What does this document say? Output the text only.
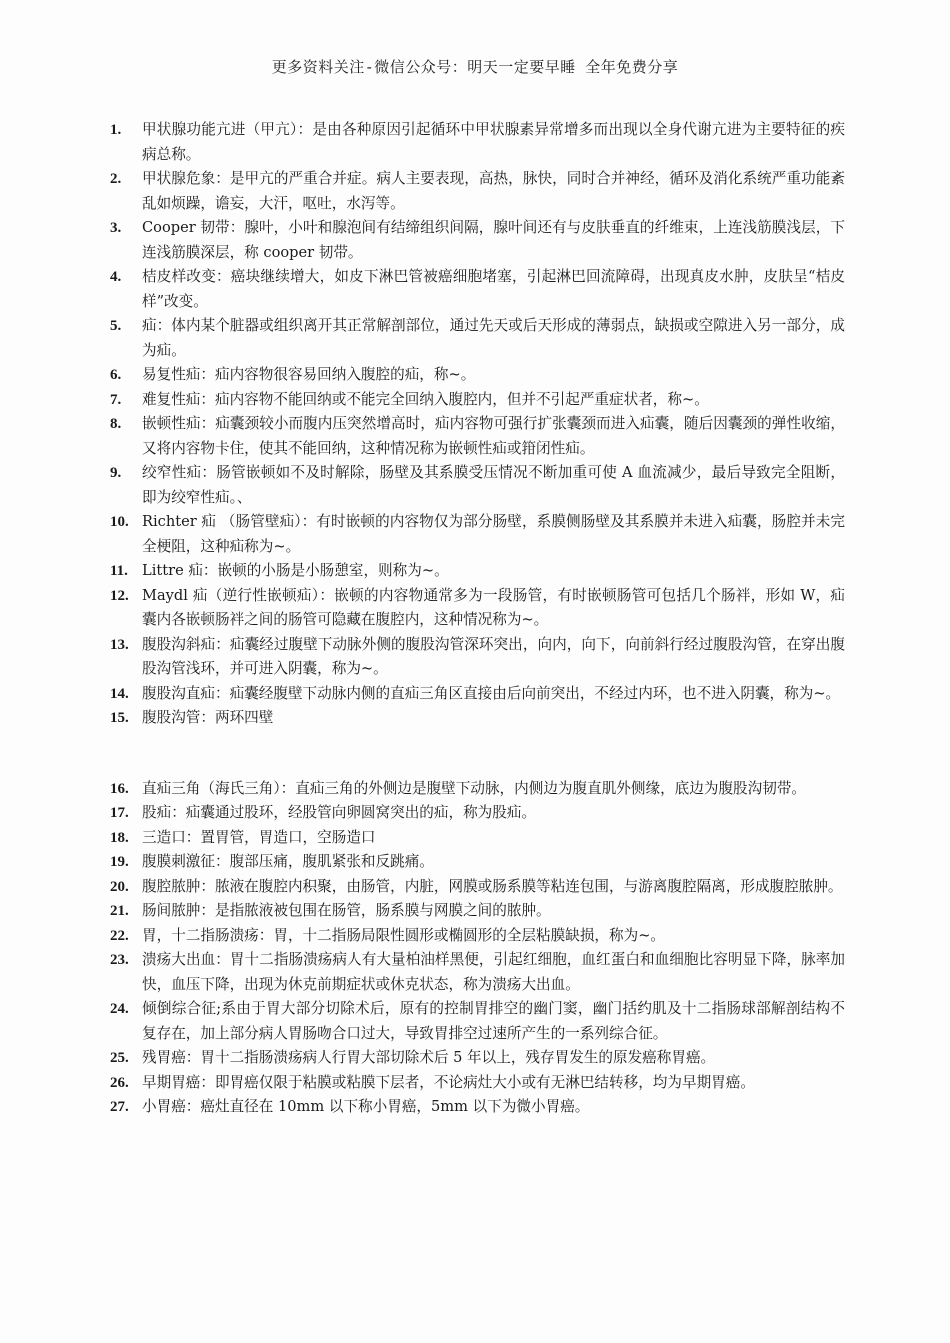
更多资料关注-微信公众号：明天一定要早睡 全年免费分享
1.	甲状腺功能亢进（甲亢）：是由各种原因引起循环中甲状腺素异常增多而出现以全身代谢亢进为主要特征的疾病总称。
2.	甲状腺危象：是甲亢的严重合并症。病人主要表现，高热，脉快，同时合并神经，循环及消化系统严重功能紊乱如烦躁，谵妄，大汗，呕吐，水泻等。
3.	Cooper 韧带：腺叶，小叶和腺泡间有结缔组织间隔，腺叶间还有与皮肤垂直的纤维束，上连浅筋膜浅层，下连浅筋膜深层，称 cooper 韧带。
4.	桔皮样改变：癌块继续增大，如皮下淋巴管被癌细胞堵塞，引起淋巴回流障碍，出现真皮水肿，皮肤呈“桔皮样”改变。
5.	疝：体内某个脏器或组织离开其正常解剖部位，通过先天或后天形成的薄弱点，缺损或空隙进入另一部分，成为疝。
6.	易复性疝：疝内容物很容易回纳入腹腔的疝，称~。
7.	难复性疝：疝内容物不能回纳或不能完全回纳入腹腔内，但并不引起严重症状者，称~。
8.	嵌顿性疝：疝囊颈较小而腹内压突然增高时，疝内容物可强行扩张囊颈而进入疝囊，随后因囊颈的弹性收缩，又将内容物卡住，使其不能回纳，这种情况称为嵌顿性疝或箝闭性疝。
9.	绞窄性疝：肠管嵌顿如不及时解除，肠壁及其系膜受压情况不断加重可使 A 血流减少，最后导致完全阻断，即为绞窄性疝。、
10. Richter 疝 （肠管壁疝）：有时嵌顿的内容物仅为部分肠壁，系膜侧肠壁及其系膜并未进入疝囊，肠腔并未完全梗阻，这种疝称为~。
11. Littre 疝：嵌顿的小肠是小肠憩室，则称为~。
12. Maydl 疝（逆行性嵌顿疝）：嵌顿的内容物通常多为一段肠管，有时嵌顿肠管可包括几个肠袢，形如 W，疝囊内各嵌顿肠袢之间的肠管可隐藏在腹腔内，这种情况称为~。
13. 腹股沟斜疝：疝囊经过腹壁下动脉外侧的腹股沟管深环突出，向内，向下，向前斜行经过腹股沟管，在穿出腹股沟管浅环，并可进入阴囊，称为~。
14. 腹股沟直疝：疝囊经腹壁下动脉内侧的直疝三角区直接由后向前突出，不经过内环，也不进入阴囊，称为~。
15. 腹股沟管：两环四壁
16. 直疝三角（海氏三角）：直疝三角的外侧边是腹壁下动脉，内侧边为腹直肌外侧缘，底边为腹股沟韧带。
17. 股疝：疝囊通过股环，经股管向卵圆窝突出的疝，称为股疝。
18. 三造口：置胃管，胃造口，空肠造口
19. 腹膜刺激征：腹部压痛，腹肌紧张和反跳痛。
20. 腹腔脓肿：脓液在腹腔内积聚，由肠管，内脏，网膜或肠系膜等粘连包围，与游离腹腔隔离，形成腹腔脓肿。
21. 肠间脓肿：是指脓液被包围在肠管，肠系膜与网膜之间的脓肿。
22. 胃，十二指肠溃疡：胃，十二指肠局限性圆形或椭圆形的全层粘膜缺损，称为~。
23. 溃疡大出血：胃十二指肠溃疡病人有大量柏油样黑便，引起红细胞，血红蛋白和血细胞比容明显下降，脉率加快，血压下降，出现为休克前期症状或休克状态，称为溃疡大出血。
24. 倾倒综合征;系由于胃大部分切除术后，原有的控制胃排空的幽门窦，幽门括约肌及十二指肠球部解剖结构不复存在，加上部分病人胃肠吻合口过大，导致胃排空过速所产生的一系列综合征。
25. 残胃癌：胃十二指肠溃疡病人行胃大部切除术后 5 年以上，残存胃发生的原发癌称胃癌。
26. 早期胃癌：即胃癌仅限于粘膜或粘膜下层者，不论病灶大小或有无淋巴结转移，均为早期胃癌。
27. 小胃癌：癌灶直径在 10mm 以下称小胃癌，5mm 以下为微小胃癌。
